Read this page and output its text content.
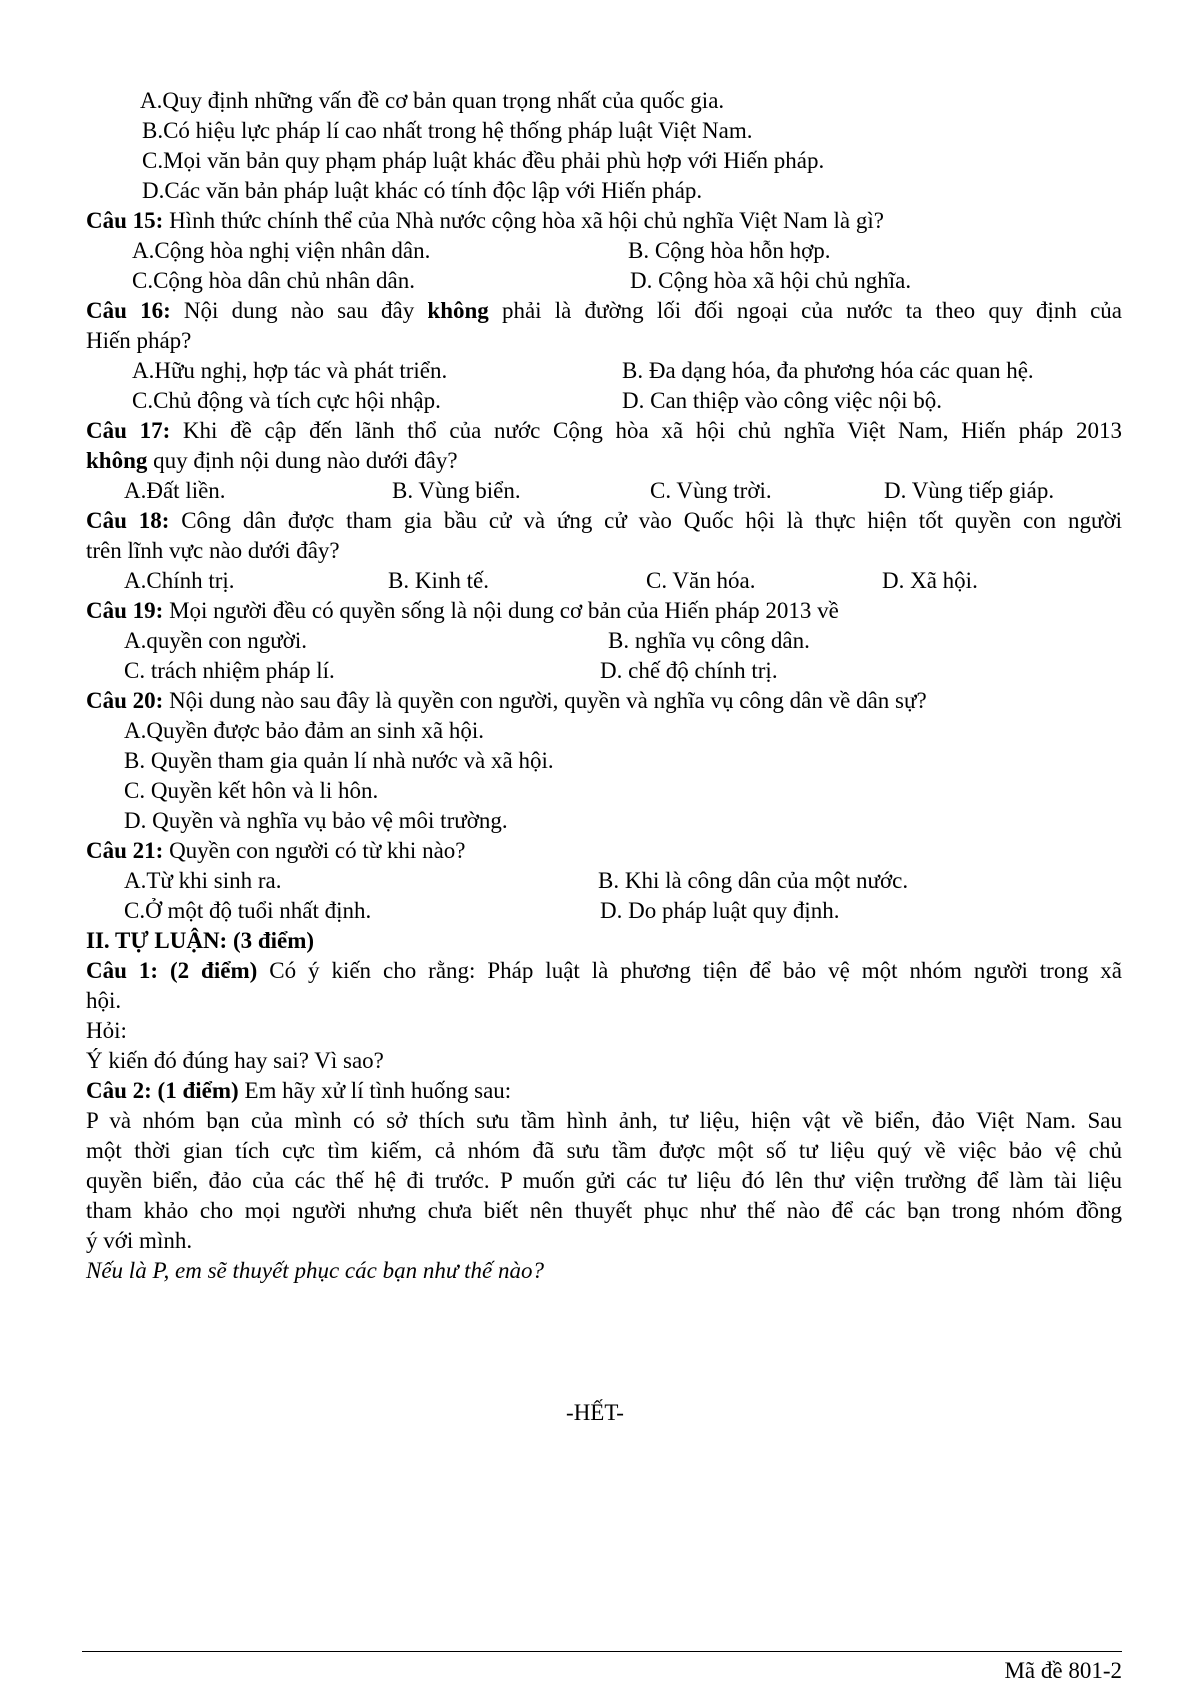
A.Quy định những vấn đề cơ bản quan trọng nhất của quốc gia.
B.Có hiệu lực pháp lí cao nhất trong hệ thống pháp luật Việt Nam.
C.Mọi văn bản quy phạm pháp luật khác đều phải phù hợp với Hiến pháp.
D.Các văn bản pháp luật khác có tính độc lập với Hiến pháp.
Câu 15: Hình thức chính thể của Nhà nước cộng hòa xã hội chủ nghĩa Việt Nam là gì?
A.Cộng hòa nghị viện nhân dân.	B. Cộng hòa hỗn hợp.
C.Cộng hòa dân chủ nhân dân.	D. Cộng hòa xã hội chủ nghĩa.
Câu 16: Nội dung nào sau đây không phải là đường lối đối ngoại của nước ta theo quy định của
Hiến pháp?
A.Hữu nghị, hợp tác và phát triển.	B. Đa dạng hóa, đa phương hóa các quan hệ.
C.Chủ động và tích cực hội nhập.	D. Can thiệp vào công việc nội bộ.
Câu 17: Khi đề cập đến lãnh thổ của nước Cộng hòa xã hội chủ nghĩa Việt Nam, Hiến pháp 2013
không quy định nội dung nào dưới đây?
A.Đất liền.	B. Vùng biển.	C. Vùng trời.	D. Vùng tiếp giáp.
Câu 18: Công dân được tham gia bầu cử và ứng cử vào Quốc hội là thực hiện tốt quyền con người
trên lĩnh vực nào dưới đây?
A.Chính trị.	B. Kinh tế.	C. Văn hóa.	D. Xã hội.
Câu 19: Mọi người đều có quyền sống là nội dung cơ bản của Hiến pháp 2013 về
A.quyền con người.	B. nghĩa vụ công dân.
C. trách nhiệm pháp lí.	D. chế độ chính trị.
Câu 20: Nội dung nào sau đây là quyền con người, quyền và nghĩa vụ công dân về dân sự?
A.Quyền được bảo đảm an sinh xã hội.
B. Quyền tham gia quản lí nhà nước và xã hội.
C. Quyền kết hôn và li hôn.
D. Quyền và nghĩa vụ bảo vệ môi trường.
Câu 21: Quyền con người có từ khi nào?
A.Từ khi sinh ra.	B. Khi là công dân của một nước.
C.Ở một độ tuổi nhất định.	D. Do pháp luật quy định.
II. TỰ LUẬN: (3 điểm)
Câu 1: (2 điểm) Có ý kiến cho rằng: Pháp luật là phương tiện để bảo vệ một nhóm người trong xã
hội.
Hỏi:
Ý kiến đó đúng hay sai? Vì sao?
Câu 2: (1 điểm) Em hãy xử lí tình huống sau:
P và nhóm bạn của mình có sở thích sưu tầm hình ảnh, tư liệu, hiện vật về biển, đảo Việt Nam. Sau
một thời gian tích cực tìm kiếm, cả nhóm đã sưu tầm được một số tư liệu quý về việc bảo vệ chủ
quyền biển, đảo của các thế hệ đi trước. P muốn gửi các tư liệu đó lên thư viện trường để làm tài liệu
tham khảo cho mọi người nhưng chưa biết nên thuyết phục như thế nào để các bạn trong nhóm đồng
ý với mình.
Nếu là P, em sẽ thuyết phục các bạn như thế nào?
-HẾT-
Mã đề 801-2
